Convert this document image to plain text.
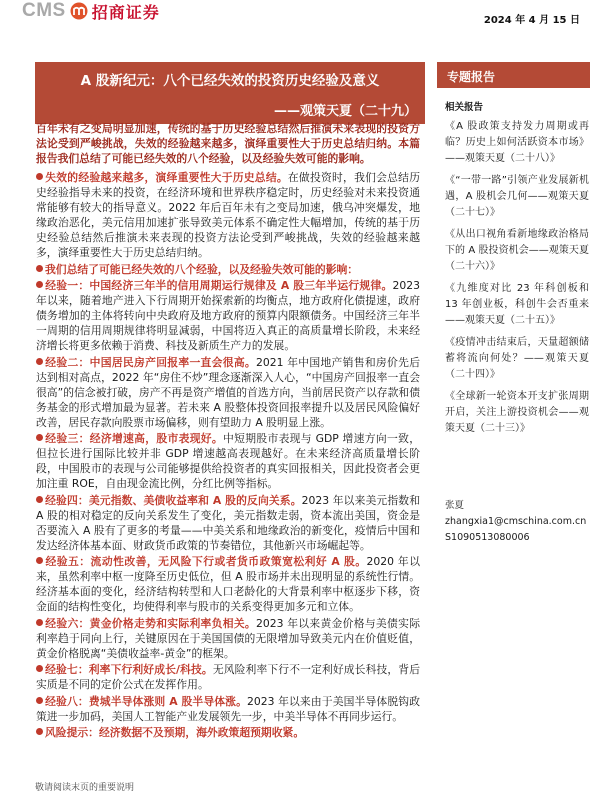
CMS 招商证券	2024 年 4 月 15 日
A 股新纪元：八个已经失效的投资历史经验及意义
——观策天夏（二十九）

百年未有之变局明显加速，传统的基于历史经验总结然后推演未来表现的投资方法论受到严峻挑战，失效的经验越来越多，演绎重要性大于历史总结归纳。本篇报告我们总结了可能已经失效的八个经验，以及经验失效可能的影响。

失效的经验越来越多，演绎重要性大于历史总结。在做投资时，我们会总结历史经验指导未来的投资，在经济环境和世界秩序稳定时，历史经验对未来投资通常能够有较大的指导意义。2022 年后百年未有之变局加速，俄乌冲突爆发，地缘政治恶化，美元信用加速扩张导致美元体系不确定性大幅增加，传统的基于历史经验总结然后推演未来表现的投资方法论受到严峻挑战，失效的经验越来越多，演绎重要性大于历史总结归纳。

我们总结了可能已经失效的八个经验，以及经验失效可能的影响：

经验一：中国经济三年半的信用周期运行规律及 A 股三年半运行规律。2023 年以来，随着地产进入下行周期开始探索新的均衡点，地方政府化债提速，政府债务增加的主体将转向中央政府及地方政府的预算内限额债务。中国经济三年半一周期的信用周期规律将明显减弱，中国将迈入真正的高质量增长阶段，未来经济增长将更多依赖于消费、科技及新质生产力的发展。

经验二：中国居民房产回报率一直会很高。2021 年中国地产销售和房价先后达到相对高点，2022 年“房住不炒”理念逐渐深入人心，“中国房产回报率一直会很高”的信念被打破，房产不再是资产增值的首选方向，当前居民资产以存款和债务基金的形式增加最为显著。若未来 A 股整体投资回报率提升以及居民风险偏好改善，居民存款向股票市场偏移，则有望助力 A 股明显上涨。

经验三：经济增速高，股市表现好。中短期股市表现与 GDP 增速方向一致，但拉长进行国际比较并非 GDP 增速越高表现越好。在未来经济高质量增长阶段，中国股市的表现与公司能够提供给投资者的真实回报相关，因此投资者会更加注重 ROE，自由现金流比例，分红比例等指标。

经验四：美元指数、美债收益率和 A 股的反向关系。2023 年以来美元指数和 A 股的相对稳定的反向关系发生了变化，美元指数走弱，资本流出美国，资金是否要流入 A 股有了更多的考量——中美关系和地缘政治的新变化，疫情后中国和发达经济体基本面、财政货币政策的节奏错位，其他新兴市场崛起等。

经验五：流动性改善，无风险下行或者货币政策宽松利好 A 股。2020 年以来，虽然利率中枢一度降至历史低位，但 A 股市场并未出现明显的系统性行情。经济基本面的变化，经济结构转型和人口老龄化的大背景利率中枢逐步下移，资金面的结构性变化，均使得利率与股市的关系变得更加多元和立体。

经验六：黄金价格走势和实际利率负相关。2023 年以来黄金价格与美债实际利率趋于同向上行，关键原因在于美国国债的无限增加导致美元内在价值贬值，黄金价格脱离“美债收益率-黄金”的框架。

经验七：利率下行利好成长/科技。无风险利率下行不一定利好成长科技，背后实质是不同的定价公式在发挥作用。

经验八：费城半导体涨则 A 股半导体涨。2023 年以来由于美国半导体脱钩政策进一步加码，美国人工智能产业发展领先一步，中美半导体不再同步运行。

风险提示：经济数据不及预期，海外政策超预期收紧。

专题报告
相关报告

《A 股政策支持发力周期或再临？历史上如何活跃资本市场》——观策天夏（二十八）》

《“一带一路”引领产业发展新机遇，A 股机会几何——观策天夏（二十七）》

《从出口视角看新地缘政治格局下的 A 股投资机会——观策天夏（二十六）》

《九维度对比 23 年科创板和 13 年创业板，科创牛会否重来——观策天夏（二十五）》

《疫情冲击结束后，天量超额储蓄将流向何处？——观策天夏（二十四）》

《全球新一轮资本开支扩张周期开启，关注上游投资机会——观策天夏（二十三）》

张夏
zhangxia1@cmschina.com.cn
S1090513080006
敬请阅读末页的重要说明
